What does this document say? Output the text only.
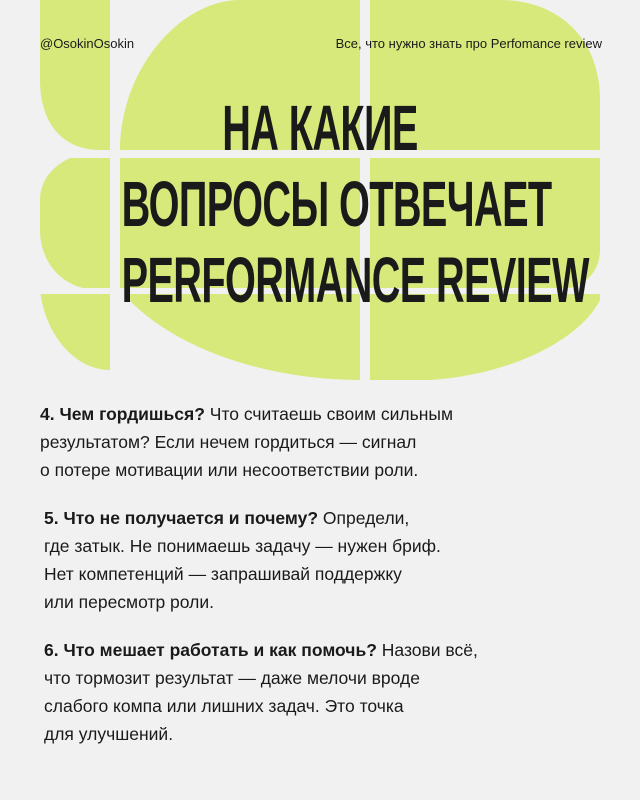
@OsokinOsokin	Все, что нужно знать про Perfomance review
НА КАКИЕ
ВОПРОСЫ ОТВЕЧАЕТ
PERFORMANCE REVIEW
4. Чем гордишься? Что считаешь своим сильным
результатом? Если нечем гордиться — сигнал
о потере мотивации или несоответствии роли.
5. Что не получается и почему? Определи,
где затык. Не понимаешь задачу — нужен бриф.
Нет компетенций — запрашивай поддержку
или пересмотр роли.
6. Что мешает работать и как помочь? Назови всё,
что тормозит результат — даже мелочи вроде
слабого компа или лишних задач. Это точка
для улучшений.
